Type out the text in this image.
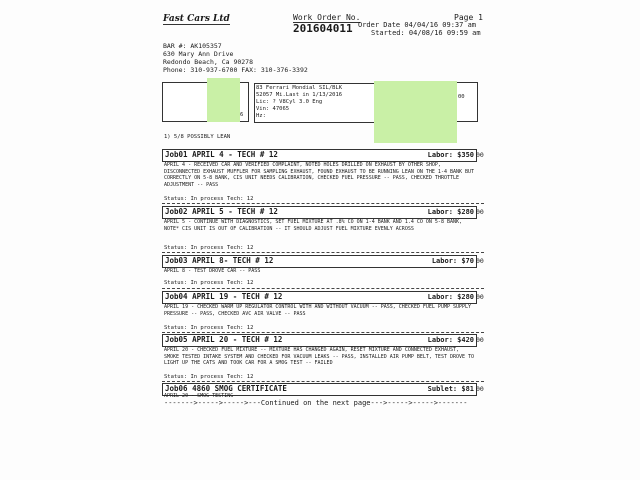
Fast Cars Ltd	Work Order No.
201604011
Page 1
Order Date 04/04/16 09:37 am
Started: 04/08/16 09:59 am
BAR #: AK105357
630 Mary Ann Drive
Redondo Beach, Ca 90278
Phone: 310-937-6700 FAX: 310-376-3392
6
83 Ferrari Mondial SIL/BLK
52057 Mi.Last in 1/13/2016
Lic: ? V8Cyl 3.0 Eng
Vin: 47065
Hz:
00
1) 5/8 POSSIBLY LEAN
Job01 APRIL 4 - TECH # 12	Labor: $350 00
APRIL 4 - RECEIVED CAR AND VERIFIED COMPLAINT, NOTED HOLES DRILLED ON EXHAUST BY OTHER SHOP, DISCONNECTED EXHAUST MUFFLER FOR SAMPLING EXHAUST, FOUND EXHAUST TO BE RUNNING LEAN ON THE 1-4 BANK BUT CORRECTLY ON 5-8 BANK, CIS UNIT NEEDS CALIBRATION, CHECKED FUEL PRESSURE -- PASS, CHECKED THROTTLE ADJUSTMENT -- PASS
Status: In process Tech: 12
Job02 APRIL 5 - TECH # 12	Labor: $280 00
APRIL 5 - CONTINUE WITH DIAGNOSTICS, SET FUEL MIXTURE AT .8% CO ON 1-4 BANK AND 1.4 CO ON 5-8 BANK, NOTE* CIS UNIT IS OUT OF CALIBRATION -- IT SHOULD ADJUST FUEL MIXTURE EVENLY ACROSS
Status: In process Tech: 12
Job03 APRIL 8- TECH # 12	Labor: $70 00
APRIL 8 - TEST DROVE CAR -- PASS
Status: In process Tech: 12
Job04 APRIL 19 - TECH # 12	Labor: $280 00
APRIL 19 - CHECKED WARM UP REGULATOR CONTROL WITH AND WITHOUT VACUUM -- PASS, CHECKED FUEL PUMP SUPPLY PRESSURE -- PASS, CHECKED AVC AIR VALVE -- PASS
Status: In process Tech: 12
Job05 APRIL 20 - TECH # 12	Labor: $420 00
APRIL 20 - CHECKED FUEL MIXTURE -- MIXTURE HAS CHANGED AGAIN, RESET MIXTURE AND CONNECTED EXHAUST, SMOKE TESTED INTAKE SYSTEM AND CHECKED FOR VACUUM LEAKS -- PASS, INSTALLED AIR PUMP BELT, TEST DROVE TO LIGHT UP THE CATS AND TOOK CAR FOR A SMOG TEST -- FAILED
Status: In process Tech: 12
Job06 4860 SMOG CERTIFICATE	Sublet: $81 00
APRIL 20 - SMOG TESTING
------->----->----->---Continued on the next page--->----->----->-------
